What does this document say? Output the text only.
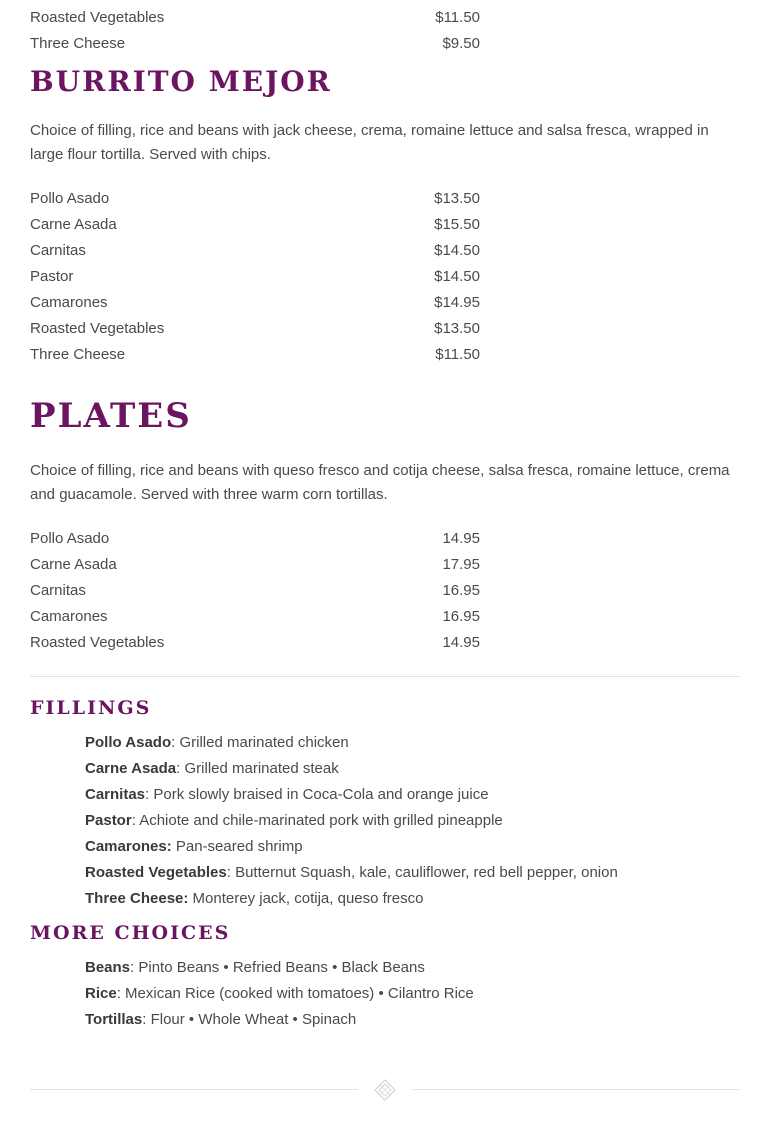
Roasted Vegetables	$11.50
Three Cheese	$9.50
BURRITO MEJOR

Choice of filling, rice and beans with jack cheese, crema, romaine lettuce and salsa fresca, wrapped in large flour tortilla. Served with chips.

Pollo Asado	$13.50
Carne Asada	$15.50
Carnitas	$14.50
Pastor	$14.50
Camarones	$14.95
Roasted Vegetables	$13.50
Three Cheese	$11.50
PLATES

Choice of filling, rice and beans with queso fresco and cotija cheese, salsa fresca, romaine lettuce, crema and guacamole. Served with three warm corn tortillas.

Pollo Asado	14.95
Carne Asada	17.95
Carnitas	16.95
Camarones	16.95
Roasted Vegetables	14.95
FILLINGS
Pollo Asado : Grilled marinated chicken
Carne Asada : Grilled marinated steak
Carnitas : Pork slowly braised in Coca-Cola and orange juice
Pastor : Achiote and chile-marinated pork with grilled pineapple
Camarones: Pan-seared shrimp
Roasted Vegetables : Butternut Squash, kale, cauliflower, red bell pepper, onion
Three Cheese: Monterey jack, cotija, queso fresco
MORE CHOICES
Beans : Pinto Beans • Refried Beans • Black Beans
Rice : Mexican Rice (cooked with tomatoes) • Cilantro Rice
Tortillas : Flour • Whole Wheat • Spinach
